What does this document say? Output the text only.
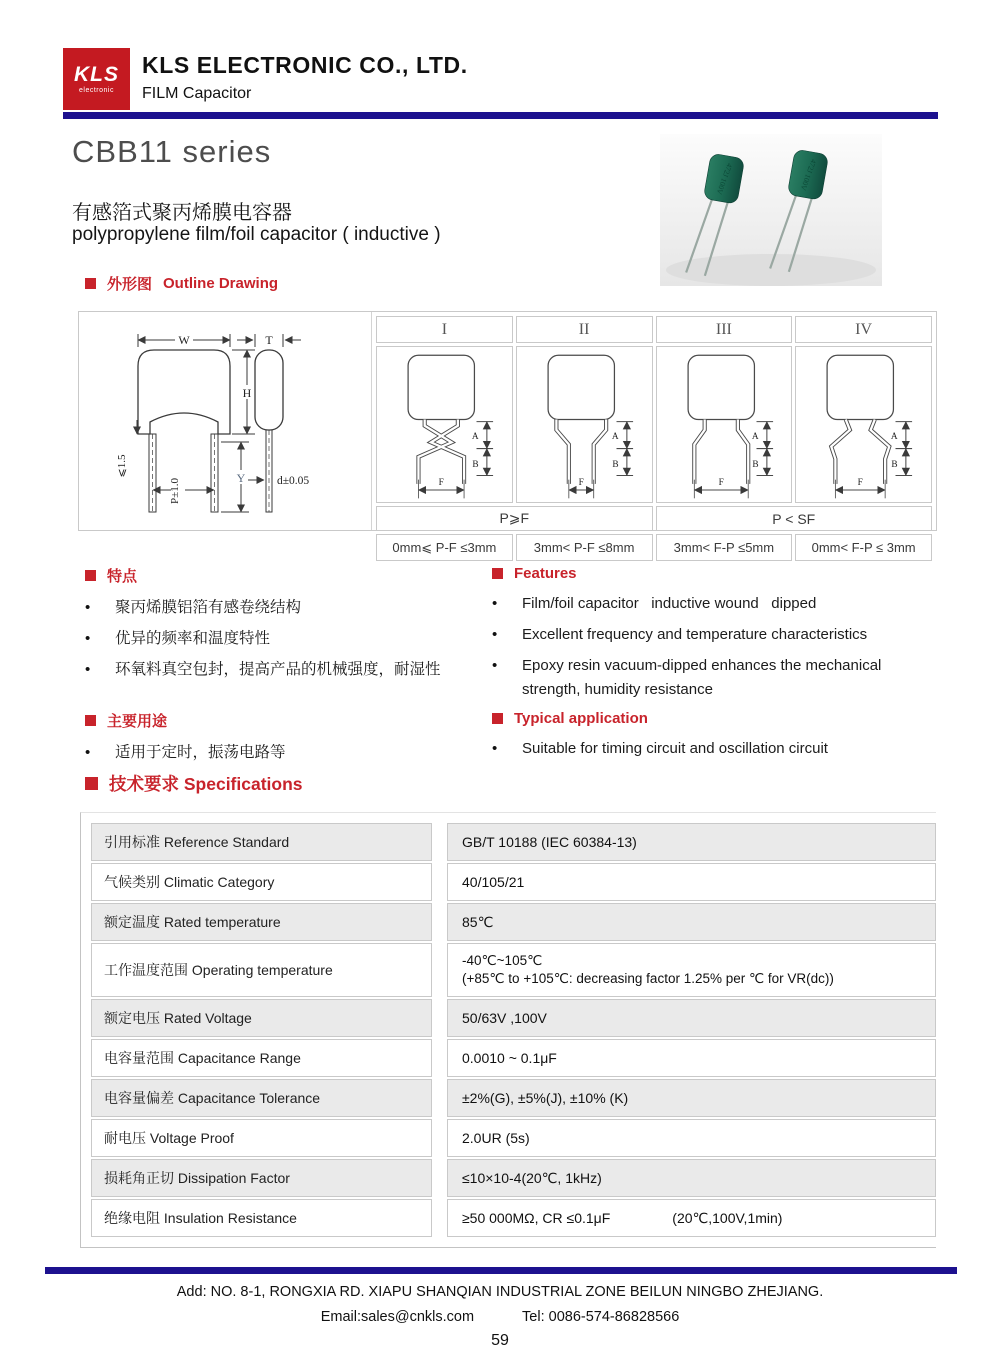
KLS
electronic
KLS ELECTRONIC CO., LTD.
FILM Capacitor
CBB11 series
有感箔式聚丙烯膜电容器
polypropylene film/foil capacitor ( inductive )
472J 100V	472J 100V
外形图 Outline Drawing
W
H
Y
⩽1.5
P±1.0
T
d±0.05
I	II	III	IV
A
B
F
A
B
F
A
B
F
A
B
F
P⩾F	P < SF
0mm⩽ P-F ≤3mm	3mm< P-F ≤8mm	3mm< F-P ≤5mm	0mm< F-P ≤ 3mm
特点
•	聚丙烯膜铝箔有感卷绕结构
•	优异的频率和温度特性
•	环氧料真空包封，提高产品的机械强度，耐湿性
Features
•	Film/foil capacitor   inductive wound   dipped
•	Excellent frequency and temperature characteristics
•	Epoxy resin vacuum-dipped enhances the mechanical strength, humidity resistance
主要用途
•	适用于定时，振荡电路等
Typical application
•	Suitable for timing circuit and oscillation circuit
技术要求 Specifications
引用标准 Reference Standard	GB/T 10188 (IEC 60384-13)
气候类别 Climatic Category	40/105/21
额定温度 Rated temperature	85℃
工作温度范围 Operating temperature
-40℃~105℃
(+85℃ to +105℃: decreasing factor 1.25% per ℃ for VR(dc))
额定电压 Rated Voltage	50/63V ,100V
电容量范围 Capacitance Range	0.0010 ~ 0.1μF
电容量偏差 Capacitance Tolerance	±2%(G), ±5%(J), ±10% (K)
耐电压 Voltage Proof	2.0UR (5s)
损耗角正切 Dissipation Factor	≤10×10-4(20℃, 1kHz)
绝缘电阻 Insulation Resistance	≥50 000MΩ, CR ≤0.1μF	(20℃,100V,1min)
Add: NO. 8-1, RONGXIA RD. XIAPU SHANQIAN INDUSTRIAL ZONE BEILUN NINGBO ZHEJIANG.
Email:sales@cnkls.com	Tel: 0086-574-86828566
59
